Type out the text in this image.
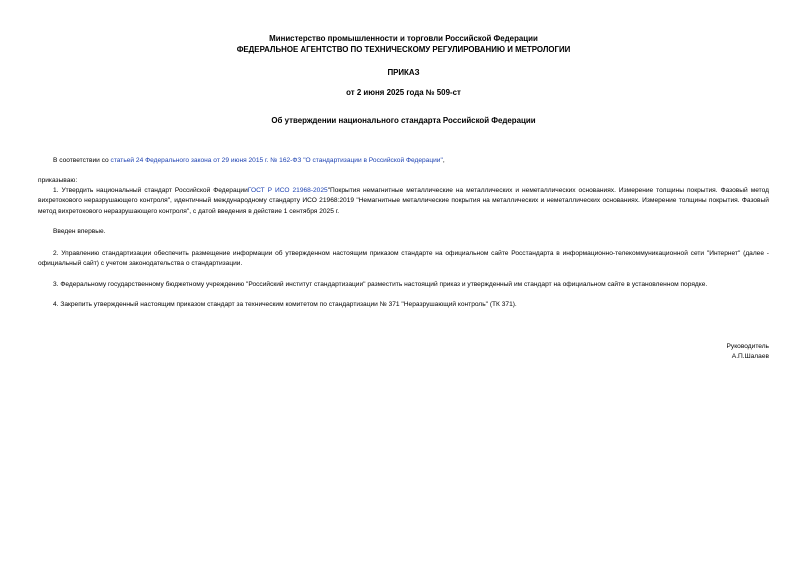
Министерство промышленности и торговли Российской Федерации
ФЕДЕРАЛЬНОЕ АГЕНТСТВО ПО ТЕХНИЧЕСКОМУ РЕГУЛИРОВАНИЮ И МЕТРОЛОГИИ
ПРИКАЗ
от 2 июня 2025 года № 509-ст
Об утверждении национального стандарта Российской Федерации

В соответствии со статьей 24 Федерального закона от 29 июня 2015 г. № 162-ФЗ "О стандартизации в Российской Федерации",

приказываю:

1. Утвердить национальный стандарт Российской ФедерацииГОСТ Р ИСО 21968-2025"Покрытия немагнитные металлические на металлических и неметаллических основаниях. Измерение толщины покрытия. Фазовый метод вихретокового неразрушающего контроля", идентичный международному стандарту ИСО 21968:2019 "Немагнитные металлические покрытия на металлических и неметаллических основаниях. Измерение толщины покрытия. Фазовый метод вихретокового неразрушающего контроля", с датой введения в действие 1 сентября 2025 г.

Введен впервые.

2. Управлению стандартизации обеспечить размещение информации об утвержденном настоящим приказом стандарте на официальном сайте Росстандарта в информационно-телекоммуникационной сети "Интернет" (далее - официальный сайт) с учетом законодательства о стандартизации.

3. Федеральному государственному бюджетному учреждению "Российский институт стандартизации" разместить настоящий приказ и утвержденный им стандарт на официальном сайте в установленном порядке.

4. Закрепить утвержденный настоящим приказом стандарт за техническим комитетом по стандартизации № 371 "Неразрушающий контроль" (ТК 371).

Руководитель
А.П.Шалаев
